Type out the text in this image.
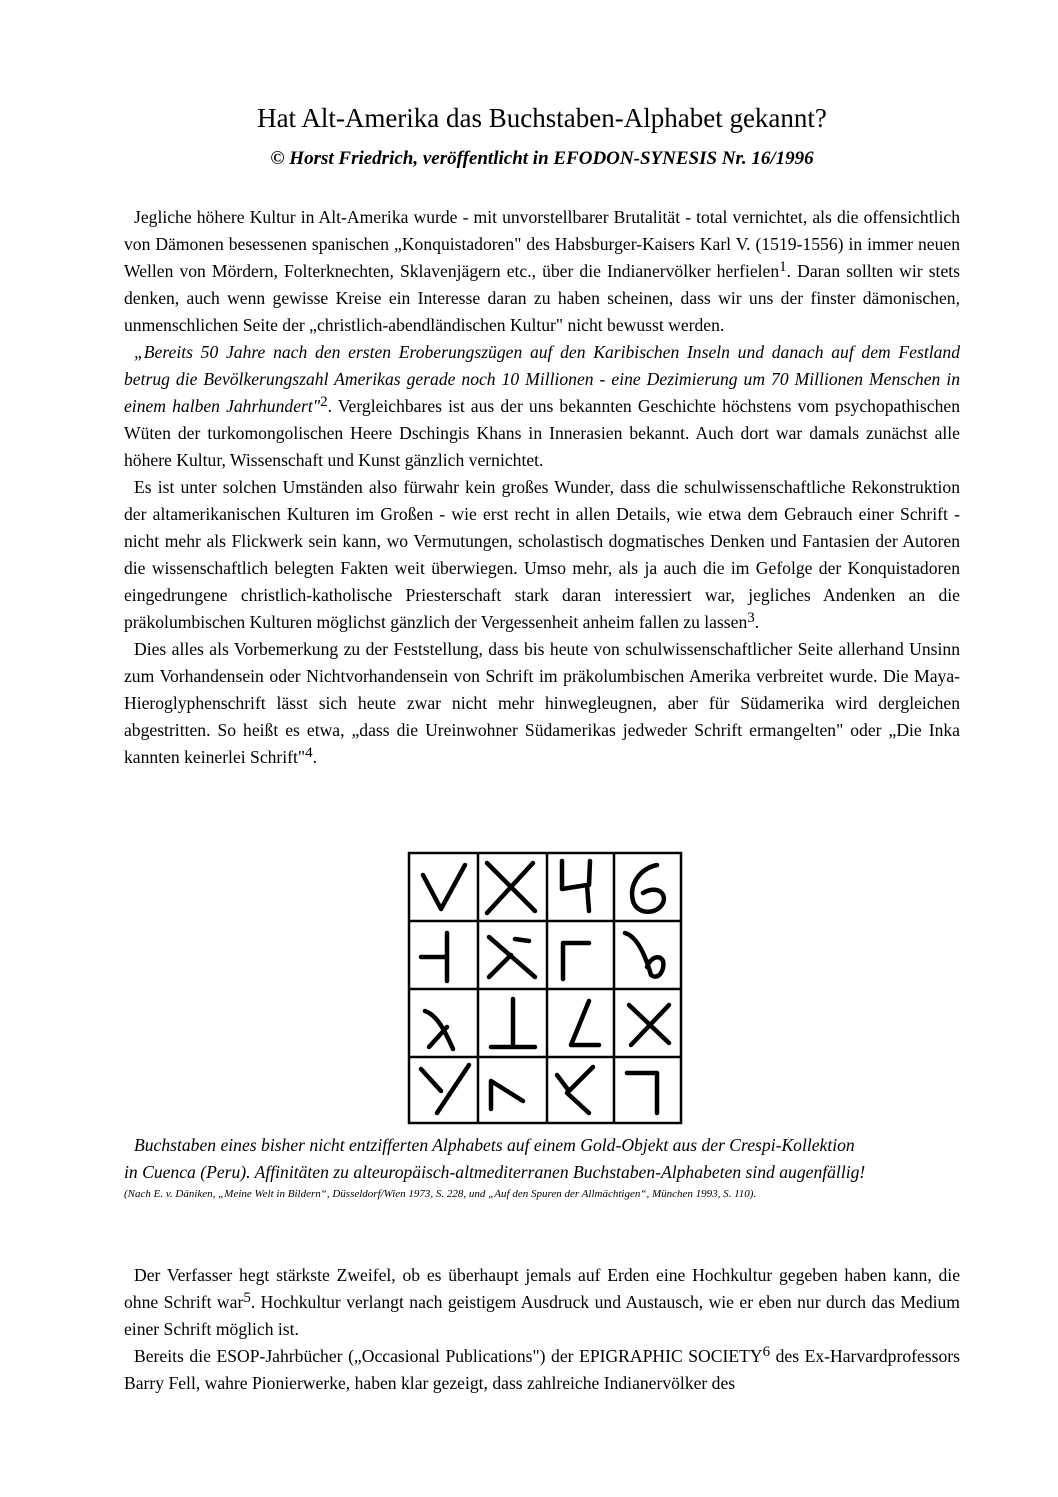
Hat Alt-Amerika das Buchstaben-Alphabet gekannt?
© Horst Friedrich, veröffentlicht in EFODON-SYNESIS Nr. 16/1996

Jegliche höhere Kultur in Alt-Amerika wurde - mit unvorstellbarer Brutalität - total vernichtet, als die offensichtlich von Dämonen besessenen spanischen „Konquistadoren" des Habsburger-Kaisers Karl V. (1519-1556) in immer neuen Wellen von Mördern, Folterknechten, Sklavenjägern etc., über die Indianervölker herfielen$^1$. Daran sollten wir stets denken, auch wenn gewisse Kreise ein Interesse daran zu haben scheinen, dass wir uns der finster dämonischen, unmenschlichen Seite der „christlich-abendländischen Kultur" nicht bewusst werden.

„Bereits 50 Jahre nach den ersten Eroberungszügen auf den Karibischen Inseln und danach auf dem Festland betrug die Bevölkerungszahl Amerikas gerade noch 10 Millionen - eine Dezimierung um 70 Millionen Menschen in einem halben Jahrhundert"$^2$. Vergleichbares ist aus der uns bekannten Geschichte höchstens vom psychopathischen Wüten der turkomongolischen Heere Dschingis Khans in Innerasien bekannt. Auch dort war damals zunächst alle höhere Kultur, Wissenschaft und Kunst gänzlich vernichtet.

Es ist unter solchen Umständen also fürwahr kein großes Wunder, dass die schulwissenschaftliche Rekonstruktion der altamerikanischen Kulturen im Großen - wie erst recht in allen Details, wie etwa dem Gebrauch einer Schrift - nicht mehr als Flickwerk sein kann, wo Vermutungen, scholastisch dogmatisches Denken und Fantasien der Autoren die wissenschaftlich belegten Fakten weit überwiegen. Umso mehr, als ja auch die im Gefolge der Konquistadoren eingedrungene christlich-katholische Priesterschaft stark daran interessiert war, jegliches Andenken an die präkolumbischen Kulturen möglichst gänzlich der Vergessenheit anheim fallen zu lassen$^3$.

Dies alles als Vorbemerkung zu der Feststellung, dass bis heute von schulwissenschaftlicher Seite allerhand Unsinn zum Vorhandensein oder Nichtvorhandensein von Schrift im präkolumbischen Amerika verbreitet wurde. Die Maya-Hieroglyphenschrift lässt sich heute zwar nicht mehr hinwegleugnen, aber für Südamerika wird dergleichen abgestritten. So heißt es etwa, „dass die Ureinwohner Südamerikas jedweder Schrift ermangelten" oder „Die Inka kannten keinerlei Schrift"$^4$.

Buchstaben eines bisher nicht entzifferten Alphabets auf einem Gold-Objekt aus der Crespi-Kollektion
in Cuenca (Peru). Affinitäten zu alteuropäisch-altmediterranen Buchstaben-Alphabeten sind augenfällig!
(Nach E. v. Däniken, „Meine Welt in Bildern“, Düsseldorf/Wien 1973, S. 228, und „Auf den Spuren der Allmächtigen“, München 1993, S. 110).

Der Verfasser hegt stärkste Zweifel, ob es überhaupt jemals auf Erden eine Hochkultur gegeben haben kann, die ohne Schrift war$^5$. Hochkultur verlangt nach geistigem Ausdruck und Austausch, wie er eben nur durch das Medium einer Schrift möglich ist.

Bereits die ESOP-Jahrbücher („Occasional Publications") der EPIGRAPHIC SOCIETY$^6$ des Ex-Harvardprofessors Barry Fell, wahre Pionierwerke, haben klar gezeigt, dass zahlreiche Indianervölker des
